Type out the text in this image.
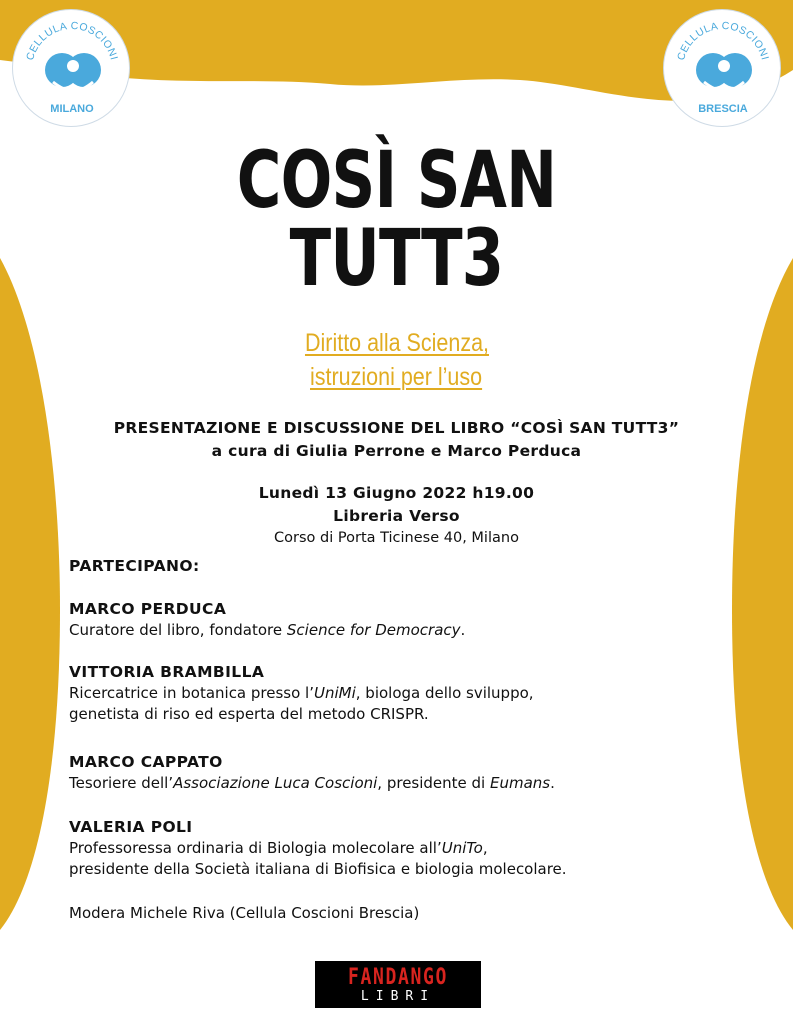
CELLULA COSCIONI
MILANO
CELLULA COSCIONI
BRESCIA
COSÌ SAN
TUTT3
Diritto alla Scienza,
istruzioni per l’uso
PRESENTAZIONE E DISCUSSIONE DEL LIBRO “COSÌ SAN TUTT3”
a cura di Giulia Perrone e Marco Perduca
Lunedì 13 Giugno 2022 h19.00
Libreria Verso
Corso di Porta Ticinese 40, Milano
PARTECIPANO:
MARCO PERDUCA
Curatore del libro, fondatore Science for Democracy.
VITTORIA BRAMBILLA
Ricercatrice in botanica presso l’UniMi, biologa dello sviluppo,
genetista di riso ed esperta del metodo CRISPR.
MARCO CAPPATO
Tesoriere dell’Associazione Luca Coscioni, presidente di Eumans.
VALERIA POLI
Professoressa ordinaria di Biologia molecolare all’UniTo,
presidente della Società italiana di Biofisica e biologia molecolare.
Modera Michele Riva (Cellula Coscioni Brescia)
FANDANGO
LIBRI
